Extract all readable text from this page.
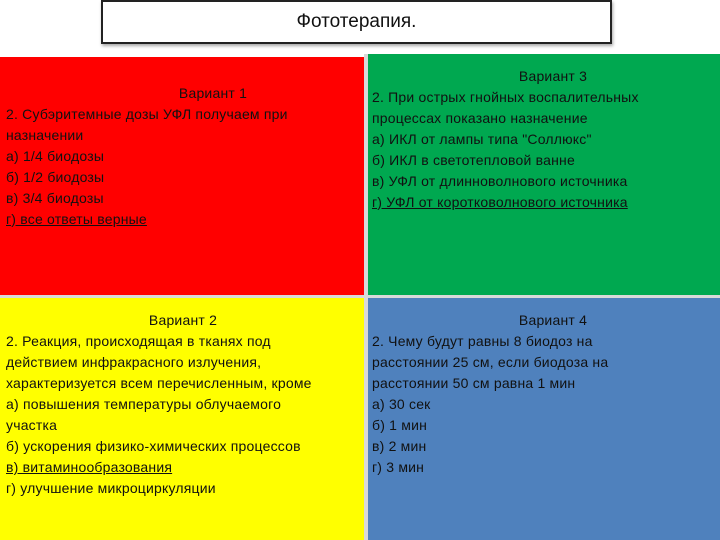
Фототерапия.
Вариант 1
2. Субэритемные дозы УФЛ получаем при
назначении
а) 1/4 биодозы
б) 1/2 биодозы
в) 3/4 биодозы
г) все ответы верные
Вариант 3
2. При острых гнойных воспалительных
процессах показано назначение
а) ИКЛ от лампы типа "Соллюкс"
б) ИКЛ в светотепловой ванне
в) УФЛ от длинноволнового источника
г) УФЛ от коротковолнового источника
Вариант 2
2. Реакция, происходящая в тканях под
действием инфракрасного излучения,
характеризуется всем перечисленным, кроме
а) повышения температуры облучаемого
участка
б) ускорения физико-химических процессов
в) витаминообразования
г) улучшение микроциркуляции
Вариант 4
2. Чему будут равны 8 биодоз на
расстоянии 25 см, если биодоза на
расстоянии 50 см равна 1 мин
а) 30 сек
б) 1 мин
в) 2 мин
г) 3 мин
